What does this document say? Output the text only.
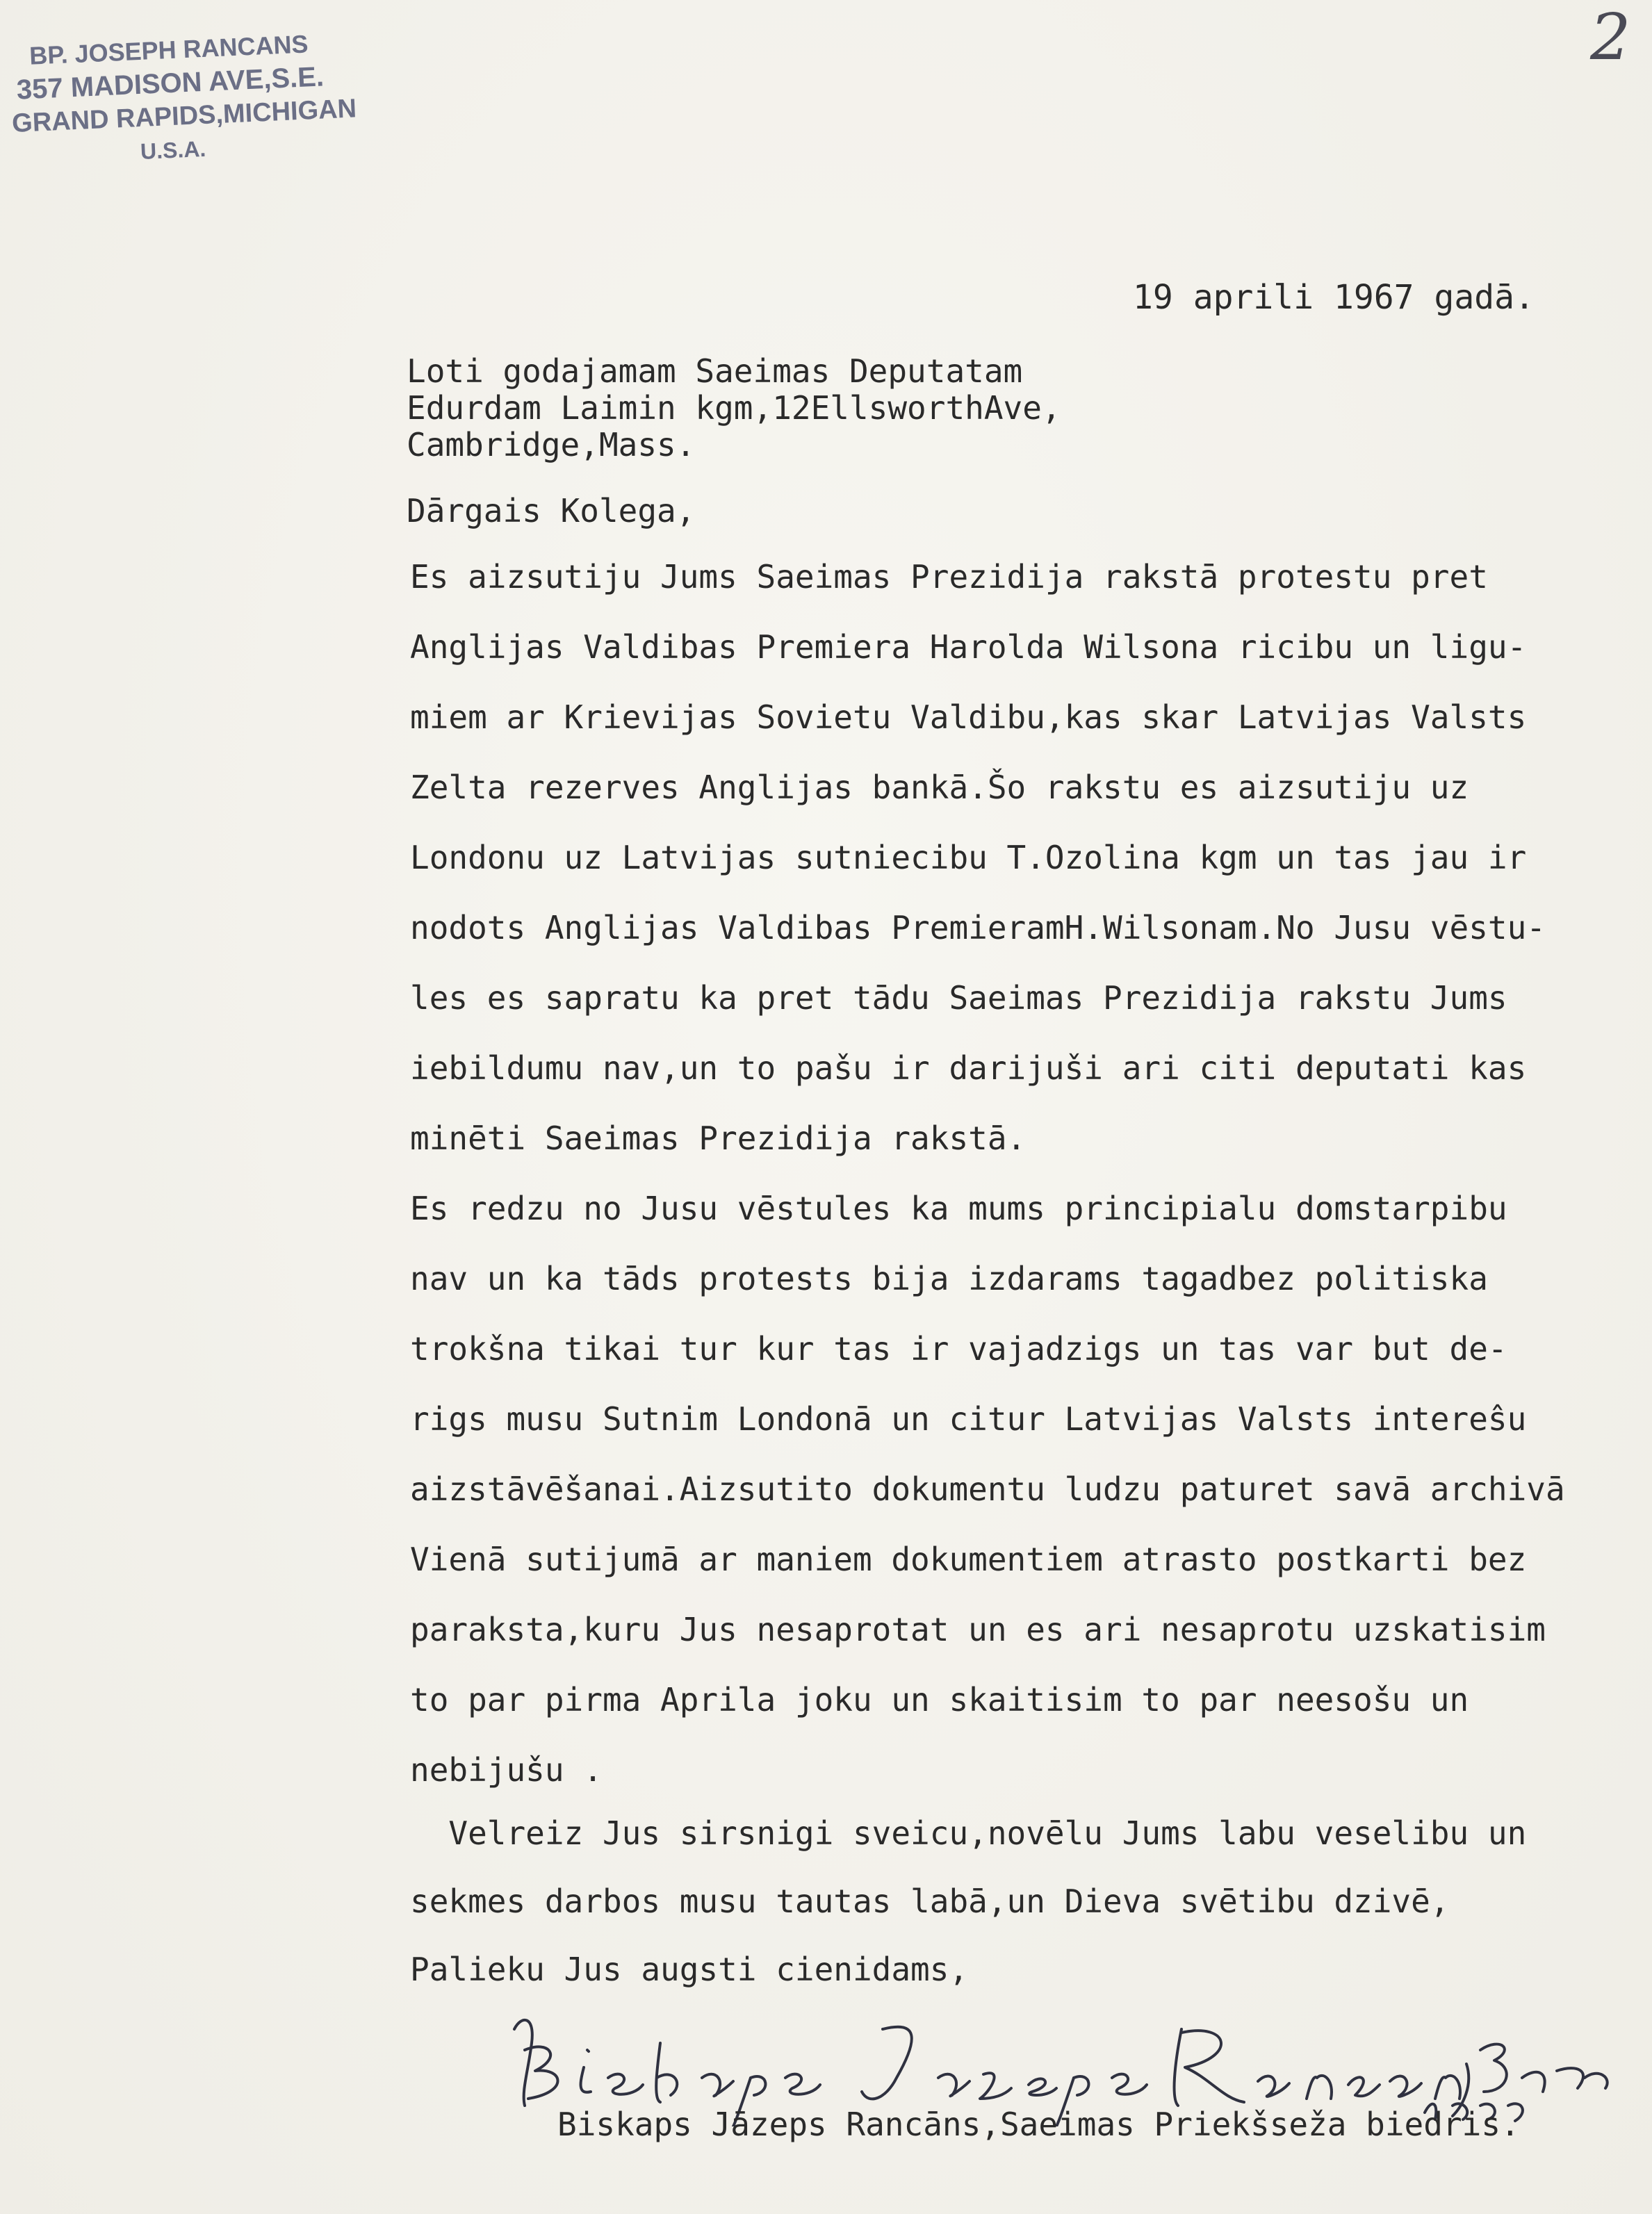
BP. JOSEPH RANCANS
357 MADISON AVE,S.E.
GRAND RAPIDS,MICHIGAN
U.S.A.
2
19 aprili 1967 gadā.
Loti godajamam Saeimas Deputatam
Edurdam Laimin kgm,12EllsworthAve,
Cambridge,Mass.
Dārgais Kolega,
Es aizsutiju Jums Saeimas Prezidija rakstā protestu pret
Anglijas Valdibas Premiera Harolda Wilsona ricibu un ligu-
miem ar Krievijas Sovietu Valdibu,kas skar Latvijas Valsts
Zelta rezerves Anglijas bankā.Šo rakstu es aizsutiju uz
Londonu uz Latvijas sutniecibu T.Ozolina kgm un tas jau ir
nodots Anglijas Valdibas PremieramH.Wilsonam.No Jusu vēstu-
les es sapratu ka pret tādu Saeimas Prezidija rakstu Jums
iebildumu nav,un to pašu ir darijuši ari citi deputati kas
minēti Saeimas Prezidija rakstā.
Es redzu no Jusu vēstules ka mums principialu domstarpibu
nav un ka tāds protests bija izdarams tagadbez politiska
trokšna tikai tur kur tas ir vajadzigs un tas var but de-
rigs musu Sutnim Londonā un citur Latvijas Valsts intereŝu
aizstāvēšanai.Aizsutito dokumentu ludzu paturet savā archivā
Vienā sutijumā ar maniem dokumentiem atrasto postkarti bez
paraksta,kuru Jus nesaprotat un es ari nesaprotu uzskatisim
to par pirma Aprila joku un skaitisim to par neesošu un
nebijušu .
Velreiz Jus sirsnigi sveicu,novēlu Jums labu veselibu un
sekmes darbos musu tautas labā,un Dieva svētibu dzivē,
Palieku Jus augsti cienidams,
Biskaps Jāzeps Rancāns,Saeimas Priekšseža biedris.
